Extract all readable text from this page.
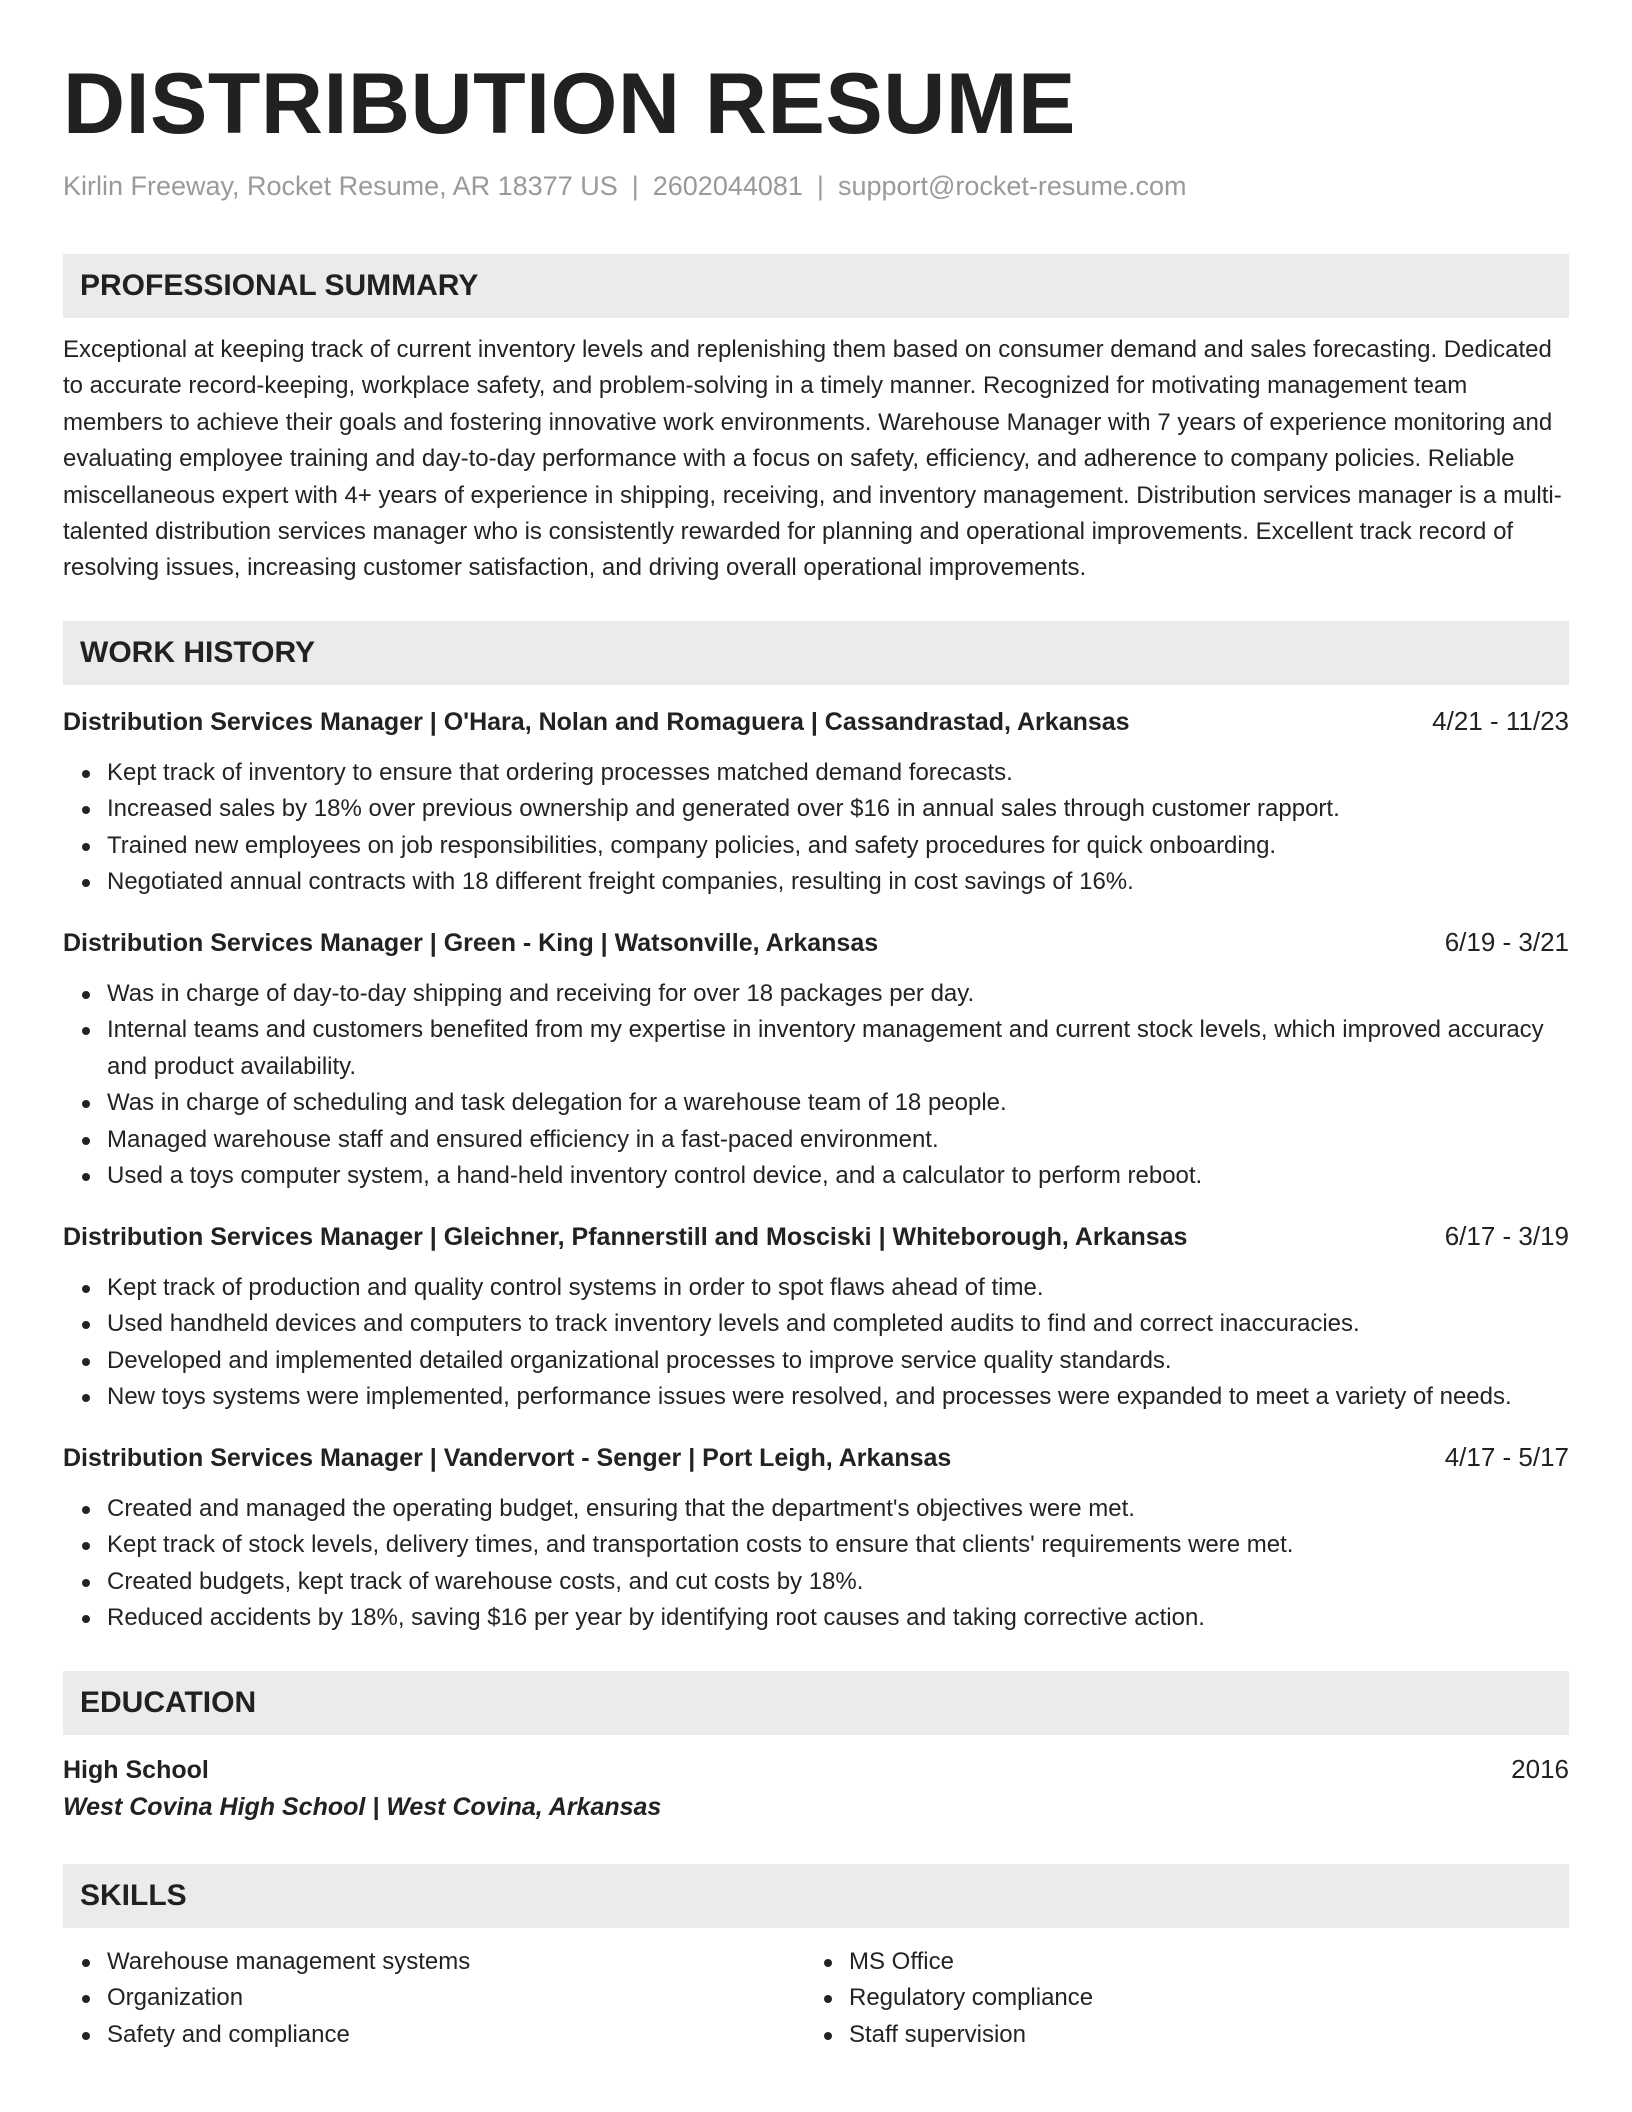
DISTRIBUTION RESUME
Kirlin Freeway, Rocket Resume, AR 18377 US | 2602044081 | support@rocket-resume.com
PROFESSIONAL SUMMARY

Exceptional at keeping track of current inventory levels and replenishing them based on consumer demand and sales forecasting. Dedicated to accurate record-keeping, workplace safety, and problem-solving in a timely manner. Recognized for motivating management team members to achieve their goals and fostering innovative work environments. Warehouse Manager with 7 years of experience monitoring and evaluating employee training and day-to-day performance with a focus on safety, efficiency, and adherence to company policies. Reliable miscellaneous expert with 4+ years of experience in shipping, receiving, and inventory management. Distribution services manager is a multi-talented distribution services manager who is consistently rewarded for planning and operational improvements. Excellent track record of resolving issues, increasing customer satisfaction, and driving overall operational improvements.

WORK HISTORY
Distribution Services Manager | O'Hara, Nolan and Romaguera | Cassandrastad, Arkansas	4/21 - 11/23
Kept track of inventory to ensure that ordering processes matched demand forecasts.
Increased sales by 18% over previous ownership and generated over $16 in annual sales through customer rapport.
Trained new employees on job responsibilities, company policies, and safety procedures for quick onboarding.
Negotiated annual contracts with 18 different freight companies, resulting in cost savings of 16%.
Distribution Services Manager | Green - King | Watsonville, Arkansas	6/19 - 3/21
Was in charge of day-to-day shipping and receiving for over 18 packages per day.
Internal teams and customers benefited from my expertise in inventory management and current stock levels, which improved accuracy and product availability.
Was in charge of scheduling and task delegation for a warehouse team of 18 people.
Managed warehouse staff and ensured efficiency in a fast-paced environment.
Used a toys computer system, a hand-held inventory control device, and a calculator to perform reboot.
Distribution Services Manager | Gleichner, Pfannerstill and Mosciski | Whiteborough, Arkansas	6/17 - 3/19
Kept track of production and quality control systems in order to spot flaws ahead of time.
Used handheld devices and computers to track inventory levels and completed audits to find and correct inaccuracies.
Developed and implemented detailed organizational processes to improve service quality standards.
New toys systems were implemented, performance issues were resolved, and processes were expanded to meet a variety of needs.
Distribution Services Manager | Vandervort - Senger | Port Leigh, Arkansas	4/17 - 5/17
Created and managed the operating budget, ensuring that the department's objectives were met.
Kept track of stock levels, delivery times, and transportation costs to ensure that clients' requirements were met.
Created budgets, kept track of warehouse costs, and cut costs by 18%.
Reduced accidents by 18%, saving $16 per year by identifying root causes and taking corrective action.
EDUCATION
High School	2016
West Covina High School | West Covina, Arkansas
SKILLS
Warehouse management systems
Organization
Safety and compliance
MS Office
Regulatory compliance
Staff supervision
